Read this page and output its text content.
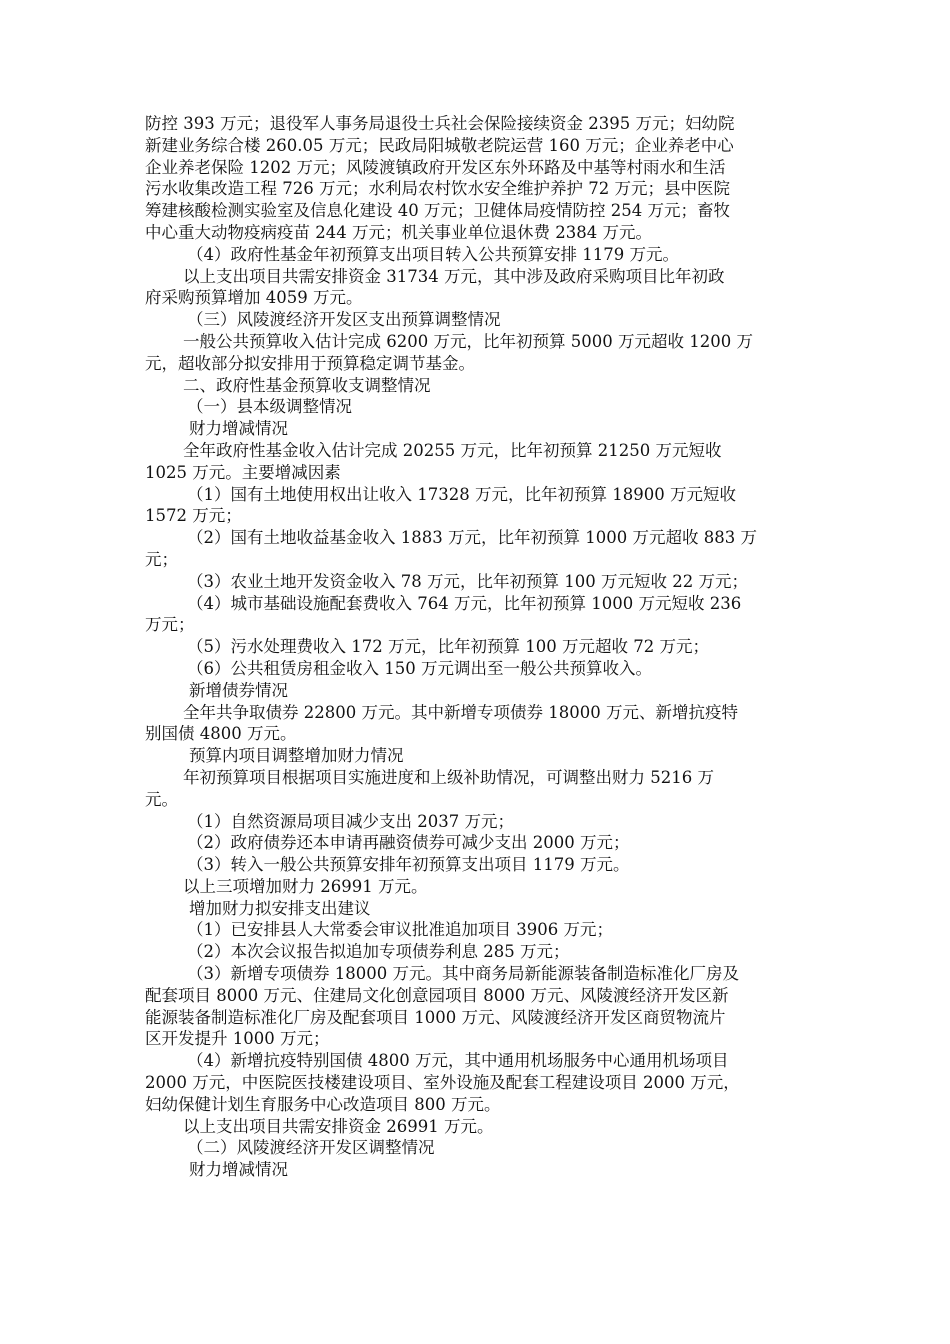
防控 393 万元；退役军人事务局退役士兵社会保险接续资金 2395 万元；妇幼院
新建业务综合楼 260.05 万元；民政局阳城敬老院运营 160 万元；企业养老中心
企业养老保险 1202 万元；风陵渡镇政府开发区东外环路及中基等村雨水和生活
污水收集改造工程 726 万元；水利局农村饮水安全维护养护 72 万元；县中医院
筹建核酸检测实验室及信息化建设 40 万元；卫健体局疫情防控 254 万元；畜牧
中心重大动物疫病疫苗 244 万元；机关事业单位退休费 2384 万元。
（4）政府性基金年初预算支出项目转入公共预算安排 1179 万元。
以上支出项目共需安排资金 31734 万元，其中涉及政府采购项目比年初政
府采购预算增加 4059 万元。
（三）风陵渡经济开发区支出预算调整情况
一般公共预算收入估计完成 6200 万元，比年初预算 5000 万元超收 1200 万
元，超收部分拟安排用于预算稳定调节基金。
二、政府性基金预算收支调整情况
（一）县本级调整情况
财力增减情况
全年政府性基金收入估计完成 20255 万元，比年初预算 21250 万元短收
1025 万元。主要增减因素
（1）国有土地使用权出让收入 17328 万元，比年初预算 18900 万元短收
1572 万元；
（2）国有土地收益基金收入 1883 万元，比年初预算 1000 万元超收 883 万
元；
（3）农业土地开发资金收入 78 万元，比年初预算 100 万元短收 22 万元；
（4）城市基础设施配套费收入 764 万元，比年初预算 1000 万元短收 236
万元；
（5）污水处理费收入 172 万元，比年初预算 100 万元超收 72 万元；
（6）公共租赁房租金收入 150 万元调出至一般公共预算收入。
新增债券情况
全年共争取债券 22800 万元。其中新增专项债券 18000 万元、新增抗疫特
别国债 4800 万元。
预算内项目调整增加财力情况
年初预算项目根据项目实施进度和上级补助情况，可调整出财力 5216 万
元。
（1）自然资源局项目减少支出 2037 万元；
（2）政府债券还本申请再融资债券可减少支出 2000 万元；
（3）转入一般公共预算安排年初预算支出项目 1179 万元。
以上三项增加财力 26991 万元。
增加财力拟安排支出建议
（1）已安排县人大常委会审议批准追加项目 3906 万元；
（2）本次会议报告拟追加专项债券利息 285 万元；
（3）新增专项债券 18000 万元。其中商务局新能源装备制造标准化厂房及
配套项目 8000 万元、住建局文化创意园项目 8000 万元、风陵渡经济开发区新
能源装备制造标准化厂房及配套项目 1000 万元、风陵渡经济开发区商贸物流片
区开发提升 1000 万元；
（4）新增抗疫特别国债 4800 万元，其中通用机场服务中心通用机场项目
2000 万元，中医院医技楼建设项目、室外设施及配套工程建设项目 2000 万元，
妇幼保健计划生育服务中心改造项目 800 万元。
以上支出项目共需安排资金 26991 万元。
（二）风陵渡经济开发区调整情况
财力增减情况
